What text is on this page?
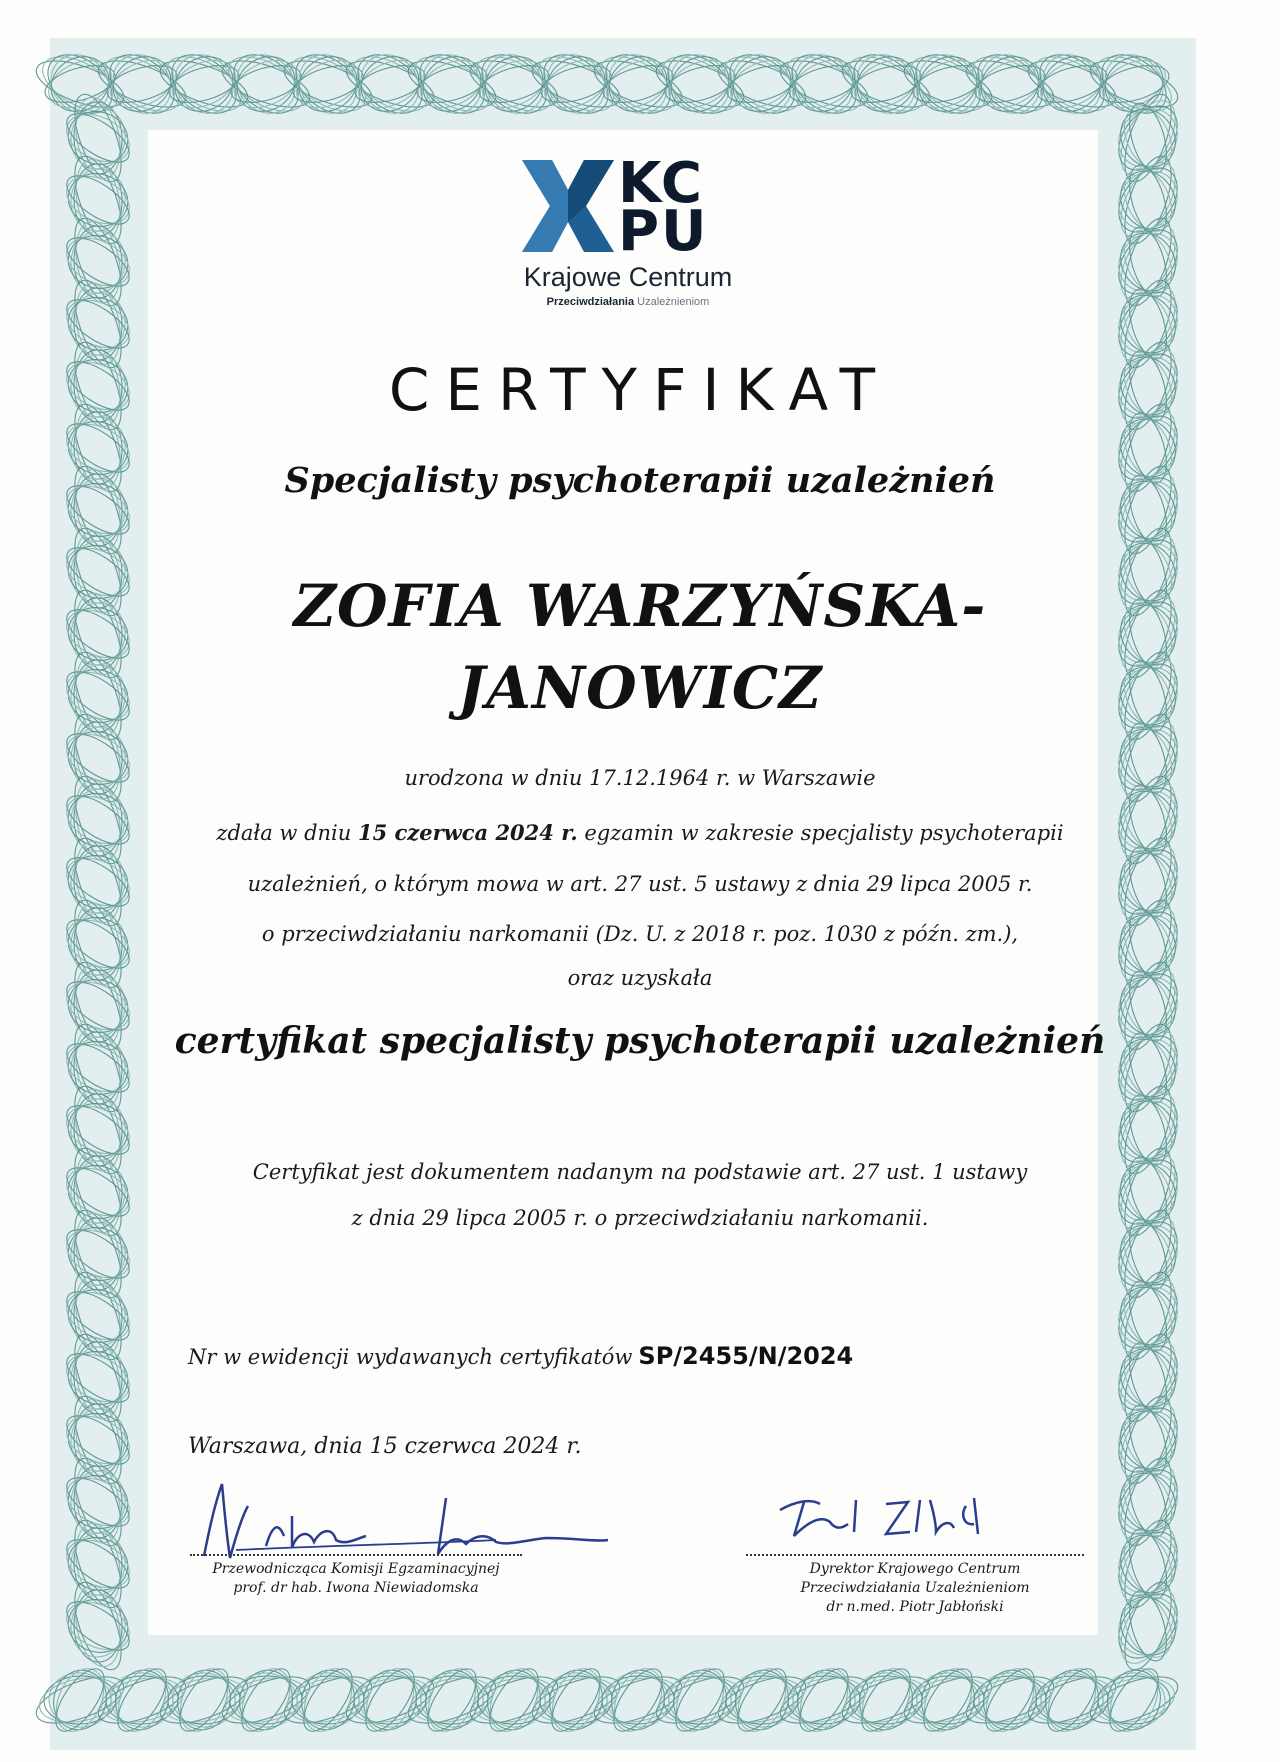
KC
PU
Krajowe Centrum
Przeciwdziałania Uzależnieniom
CERTYFIKAT
Specjalisty psychoterapii uzależnień
ZOFIA WARZYŃSKA-
JANOWICZ
urodzona w dniu 17.12.1964 r. w Warszawie
zdała w dniu 15 czerwca 2024 r. egzamin w zakresie specjalisty psychoterapii
uzależnień, o którym mowa w art. 27 ust. 5 ustawy z dnia 29 lipca 2005 r.
o przeciwdziałaniu narkomanii (Dz. U. z 2018 r. poz. 1030 z późn. zm.),
oraz uzyskała
certyfikat specjalisty psychoterapii uzależnień
Certyfikat jest dokumentem nadanym na podstawie art. 27 ust. 1 ustawy
z dnia 29 lipca 2005 r. o przeciwdziałaniu narkomanii.
Nr w ewidencji wydawanych certyfikatów SP/2455/N/2024
Warszawa, dnia 15 czerwca 2024 r.
Przewodnicząca Komisji Egzaminacyjnej
prof. dr hab. Iwona Niewiadomska
Dyrektor Krajowego Centrum
Przeciwdziałania Uzależnieniom
dr n.med. Piotr Jabłoński
